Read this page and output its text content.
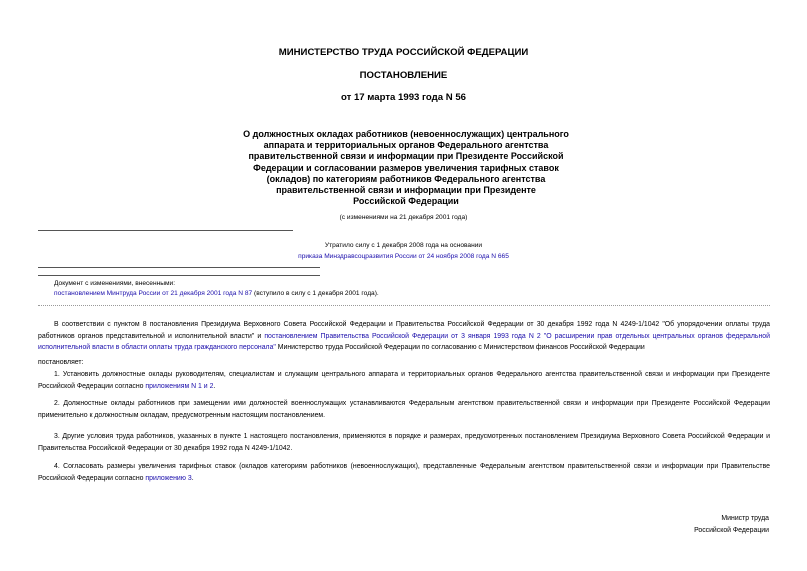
МИНИСТЕРСТВО ТРУДА РОССИЙСКОЙ ФЕДЕРАЦИИ
ПОСТАНОВЛЕНИЕ
от 17 марта 1993 года N 56
О должностных окладах работников (невоеннослужащих) центрального
аппарата и территориальных органов Федерального агентства
правительственной связи и информации при Президенте Российской
Федерации и согласовании размеров увеличения тарифных ставок
(окладов) по категориям работников Федерального агентства
правительственной связи и информации при Президенте
Российской Федерации
(с изменениями на 21 декабря 2001 года)
Утратило силу с 1 декабря 2008 года на основании
приказа Минздравсоцразвития России от 24 ноября 2008 года N 665
Документ с изменениями, внесенными:
постановлением Минтруда России от 21 декабря 2001 года N 87 (вступило в силу с 1 декабря 2001 года).
В соответствии с пунктом 8 постановления Президиума Верховного Совета Российской Федерации и Правительства Российской Федерации от 30 декабря 1992 года N 4249-1/1042 "Об упорядочении оплаты труда работников органов представительной и исполнительной власти" и постановлением Правительства Российской Федерации от 3 января 1993 года N 2 "О расширении прав отдельных центральных органов федеральной исполнительной власти в области оплаты труда гражданского персонала" Министерство труда Российской Федерации по согласованию с Министерством финансов Российской Федерации
постановляет:
1. Установить должностные оклады руководителям, специалистам и служащим центрального аппарата и территориальных органов Федерального агентства правительственной связи и информации при Президенте Российской Федерации согласно приложениям N 1 и 2.
2. Должностные оклады работников при замещении ими должностей военнослужащих устанавливаются Федеральным агентством правительственной связи и информации при Президенте Российской Федерации применительно к должностным окладам, предусмотренным настоящим постановлением.
3. Другие условия труда работников, указанных в пункте 1 настоящего постановления, применяются в порядке и размерах, предусмотренных постановлением Президиума Верховного Совета Российской Федерации и Правительства Российской Федерации от 30 декабря 1992 года N 4249-1/1042.
4. Согласовать размеры увеличения тарифных ставок (окладов категориям работников (невоеннослужащих), представленные Федеральным агентством правительственной связи и информации при Правительстве Российской Федерации согласно приложению 3.
Министр труда
Российской Федерации
